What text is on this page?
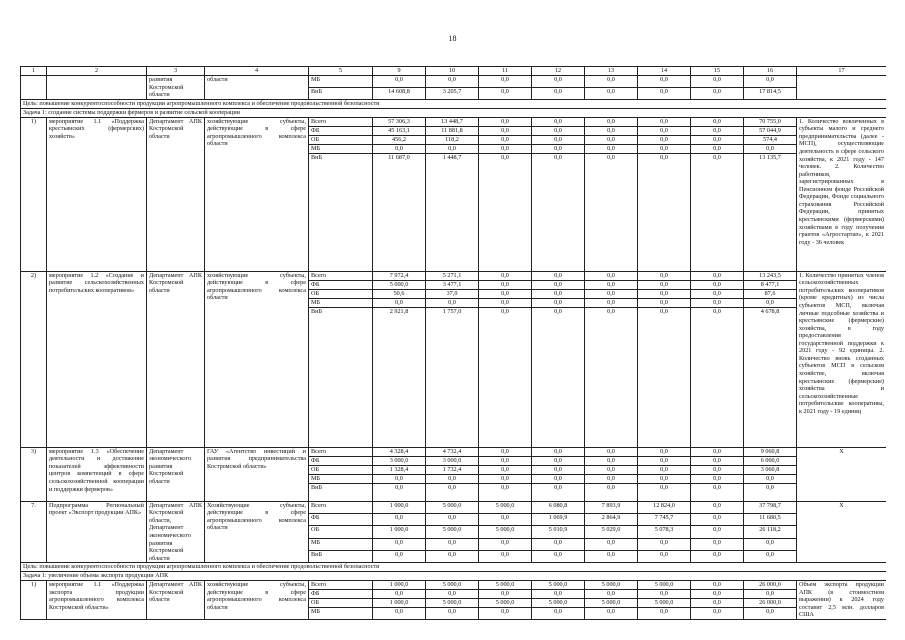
18
1	2	3	4	5	9	10	11	12	13	14	15	16	17
		развития Костромской области	области	МБ	0,0	0,0	0,0	0,0	0,0	0,0	0,0	0,0	
				ВнБ	14 608,8	3 205,7	0,0	0,0	0,0	0,0	0,0	17 814,5	
Цель: повышение конкурентоспособности продукции агропромышленного комплекса и обеспечение продовольственной безопасности													
Задача 1: создание системы поддержки фермеров и развитие сельской кооперации													
1)	мероприятие 1.1 «Поддержка крестьянских (фермерских) хозяйств»	Департамент АПК Костромской области	хозяйствующие субъекты, действующие в сфере агропромышленного комплекса области	Всего	57 306,3	13 448,7	0,0	0,0	0,0	0,0	0,0	70 755,0	1. Количество вовлеченных в субъекты малого и среднего предпринимательства (далее - МСП), осуществляющие деятельность в сфере сельского хозяйства, к 2021 году - 147 человек. 2. Количество работников, зарегистрированных в Пенсионном фонде Российской Федерации, Фонде социального страхования Российской Федерации, принятых крестьянскими (фермерскими) хозяйствами в году получения грантов «Агростартап», к 2021 году - 36 человек
				ФБ	45 163,1	11 881,8	0,0	0,0	0,0	0,0	0,0	57 044,9	
				ОБ	456,2	118,2	0,0	0,0	0,0	0,0	0,0	574,4	
				МБ	0,0	0,0	0,0	0,0	0,0	0,0	0,0	0,0	
				ВнБ	11 687,0	1 448,7	0,0	0,0	0,0	0,0	0,0	13 135,7	
2)	мероприятие 1.2 «Создание и развитие сельскохозяйственных потребительских кооперативов»	Департамент АПК Костромской области	хозяйствующие субъекты, действующие в сфере агропромышленного комплекса области	Всего	7 972,4	5 271,1	0,0	0,0	0,0	0,0	0,0	13 243,5	1. Количество принятых членов сельскохозяйственных потребительских кооперативов (кроме кредитных) из числа субъектов МСП, включая личные подсобные хозяйства и крестьянские (фермерские) хозяйства, в году предоставления государственной поддержки к 2021 году - 92 единицы. 2. Количество вновь созданных субъектов МСП в сельском хозяйстве, включая крестьянские (фермерские) хозяйства и сельскохозяйственные потребительские кооперативы, к 2021 году - 19 единиц
				ФБ	5 000,0	3 477,1	0,0	0,0	0,0	0,0	0,0	8 477,1	
				ОБ	50,6	37,0	0,0	0,0	0,0	0,0	0,0	87,6	
				МБ	0,0	0,0	0,0	0,0	0,0	0,0	0,0	0,0	
				ВнБ	2 921,8	1 757,0	0,0	0,0	0,0	0,0	0,0	4 678,8	
3)	мероприятие 1.3 «Обеспечение деятельности и достижение показателей эффективности центров компетенций в сфере сельскохозяйственной кооперации и поддержки фермеров»	Департамент экономического развития Костромской области	ГАУ «Агентство инвестиций и развития предпринимательства Костромской области»	Всего	4 328,4	4 732,4	0,0	0,0	0,0	0,0	0,0	9 060,8	Х
				ФБ	3 000,0	3 000,0	0,0	0,0	0,0	0,0	0,0	6 000,0	
				ОБ	1 328,4	1 732,4	0,0	0,0	0,0	0,0	0,0	3 060,8	
				МБ	0,0	0,0	0,0	0,0	0,0	0,0	0,0	0,0	
				ВнБ	0,0	0,0	0,0	0,0	0,0	0,0	0,0	0,0	
7.	Подпрограмма Региональный проект «Экспорт продукции АПК»	Департамент АПК Костромской области, Департамент экономического развития Костромской области	Хозяйствующие субъекты, действующие в сфере агропромышленного комплекса области	Всего	1 000,0	5 000,0	5 000,0	6 080,8	7 893,9	12 824,0	0,0	37 798,7	Х
				ФБ	0,0	0,0	0,0	1 069,9	2 864,9	7 745,7	0,0	11 680,5	
				ОБ	1 000,0	5 000,0	5 000,0	5 010,9	5 029,0	5 078,3	0,0	26 118,2	
				МБ	0,0	0,0	0,0	0,0	0,0	0,0	0,0	0,0	
				ВнБ	0,0	0,0	0,0	0,0	0,0	0,0	0,0	0,0	
Цель: повышение конкурентоспособности продукции агропромышленного комплекса и обеспечение продовольственной безопасности													
Задача 1: увеличение объема экспорта продукции АПК													
1)	мероприятие 1.1 «Поддержка экспорта продукции агропромышленного комплекса Костромской области»	Департамент АПК Костромской области	хозяйствующие субъекты, действующие в сфере агропромышленного комплекса области	Всего	1 000,0	5 000,0	5 000,0	5 000,0	5 000,0	5 000,0	0,0	26 000,0	Объем экспорта продукции АПК (в стоимостном выражении) к 2024 году составит 2,5 млн. долларов США
				ФБ	0,0	0,0	0,0	0,0	0,0	0,0	0,0	0,0	
				ОБ	1 000,0	5 000,0	5 000,0	5 000,0	5 000,0	5 000,0	0,0	26 000,0	
				МБ	0,0	0,0	0,0	0,0	0,0	0,0	0,0	0,0	
